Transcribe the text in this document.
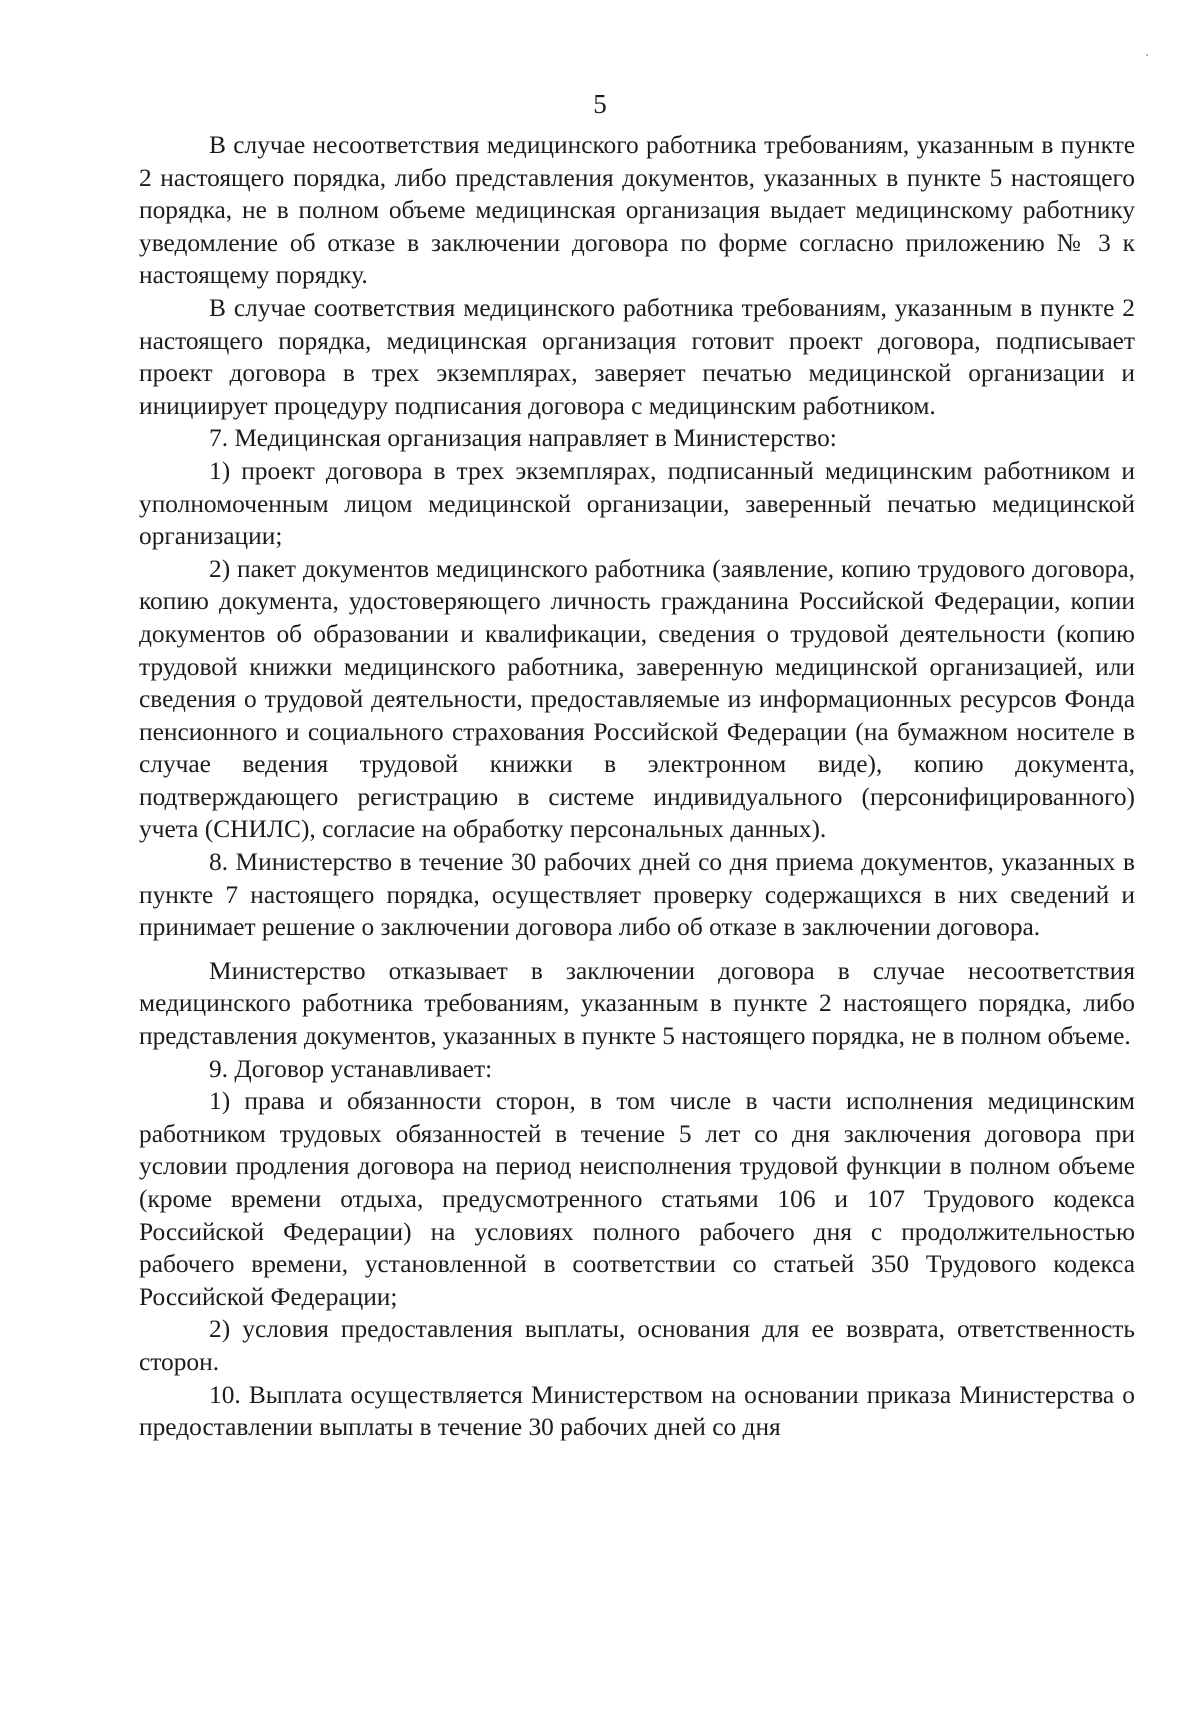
5

В случае несоответствия медицинского работника требованиям, указанным в пункте 2 настоящего порядка, либо представления документов, указанных в пункте 5 настоящего порядка, не в полном объеме медицинская организация выдает медицинскому работнику уведомление об отказе в заключении договора по форме согласно приложению № 3 к настоящему порядку.

В случае соответствия медицинского работника требованиям, указанным в пункте 2 настоящего порядка, медицинская организация готовит проект договора, подписывает проект договора в трех экземплярах, заверяет печатью медицинской организации и инициирует процедуру подписания договора с медицинским работником.

7. Медицинская организация направляет в Министерство:

1) проект договора в трех экземплярах, подписанный медицинским работником и уполномоченным лицом медицинской организации, заверенный печатью медицинской организации;

2) пакет документов медицинского работника (заявление, копию трудового договора, копию документа, удостоверяющего личность гражданина Российской Федерации, копии документов об образовании и квалификации, сведения о трудовой деятельности (копию трудовой книжки медицинского работника, заверенную медицинской организацией, или сведения о трудовой деятельности, предоставляемые из информационных ресурсов Фонда пенсионного и социального страхования Российской Федерации (на бумажном носителе в случае ведения трудовой книжки в электронном виде), копию документа, подтверждающего регистрацию в системе индивидуального (персонифицированного) учета (СНИЛС), согласие на обработку персональных данных).

8. Министерство в течение 30 рабочих дней со дня приема документов, указанных в пункте 7 настоящего порядка, осуществляет проверку содержащихся в них сведений и принимает решение о заключении договора либо об отказе в заключении договора.

Министерство отказывает в заключении договора в случае несоответствия медицинского работника требованиям, указанным в пункте 2 настоящего порядка, либо представления документов, указанных в пункте 5 настоящего порядка, не в полном объеме.

9. Договор устанавливает:

1) права и обязанности сторон, в том числе в части исполнения медицинским работником трудовых обязанностей в течение 5 лет со дня заключения договора при условии продления договора на период неисполнения трудовой функции в полном объеме (кроме времени отдыха, предусмотренного статьями 106 и 107 Трудового кодекса Российской Федерации) на условиях полного рабочего дня с продолжительностью рабочего времени, установленной в соответствии со статьей 350 Трудового кодекса Российской Федерации;

2) условия предоставления выплаты, основания для ее возврата, ответственность сторон.

10. Выплата осуществляется Министерством на основании приказа Министерства о предоставлении выплаты в течение 30 рабочих дней со дня
